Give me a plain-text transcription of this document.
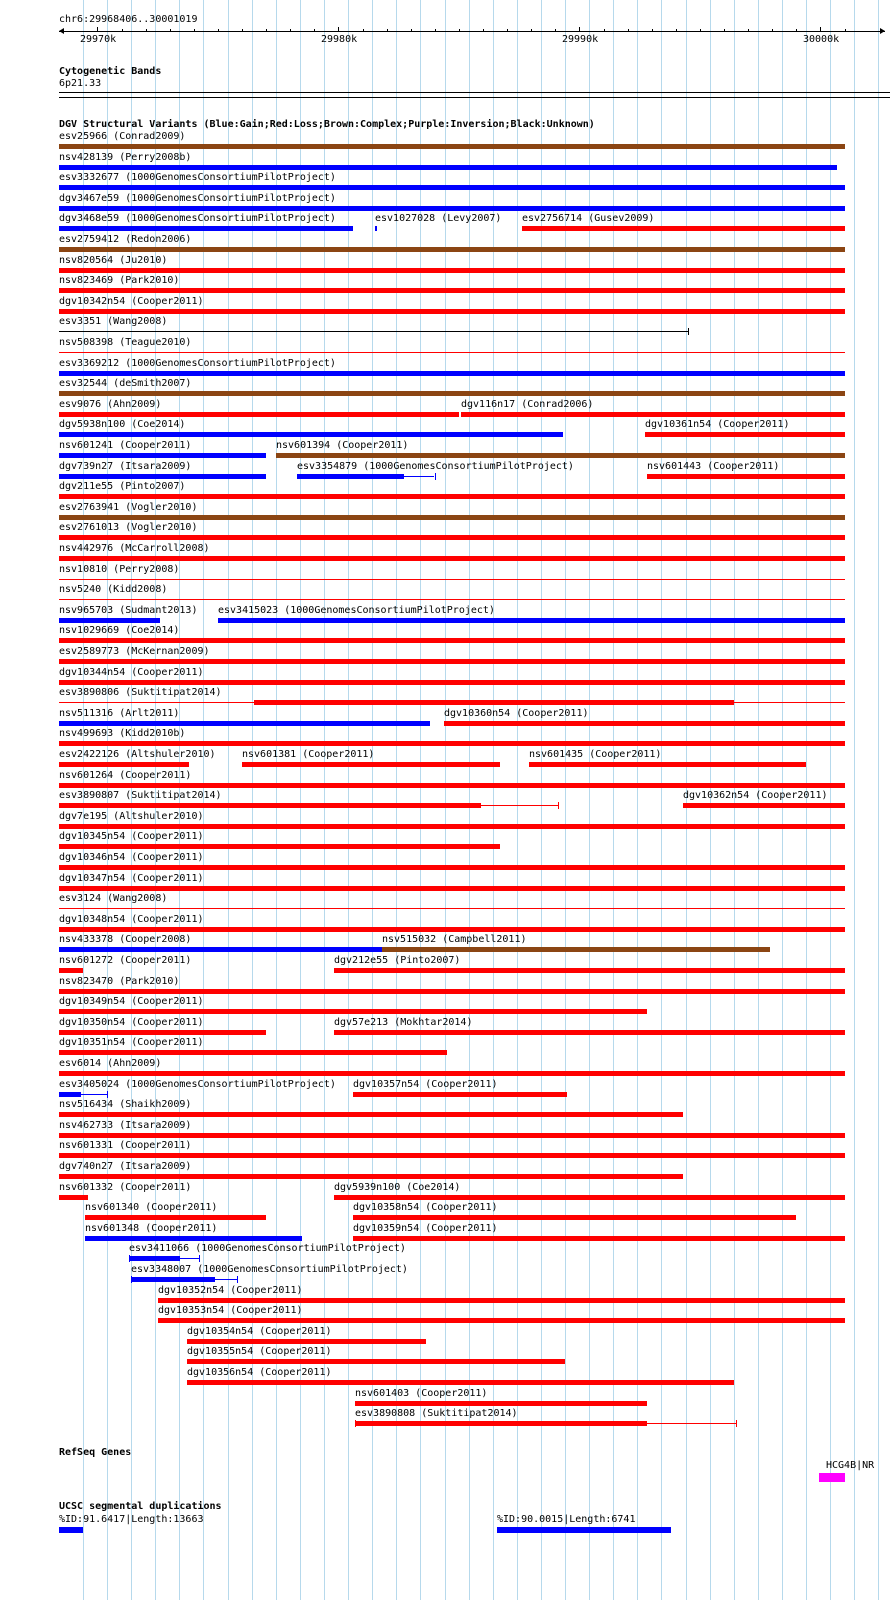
chr6:29968406..30001019
29970k	29980k	29990k	30000k
Cytogenetic Bands
6p21.33
DGV Structural Variants (Blue:Gain;Red:Loss;Brown:Complex;Purple:Inversion;Black:Unknown)
esv25966 (Conrad2009)
nsv428139 (Perry2008b)
esv3332677 (1000GenomesConsortiumPilotProject)
dgv3467e59 (1000GenomesConsortiumPilotProject)
dgv3468e59 (1000GenomesConsortiumPilotProject)	esv1027028 (Levy2007) esv2756714 (Gusev2009)
esv2759412 (Redon2006)
nsv820564 (Ju2010)
nsv823469 (Park2010)
dgv10342n54 (Cooper2011)
esv3351 (Wang2008)
nsv508398 (Teague2010)
esv3369212 (1000GenomesConsortiumPilotProject)
esv32544 (deSmith2007)
esv9076 (Ahn2009)	dgv116n17 (Conrad2006)
dgv5938n100 (Coe2014)	dgv10361n54 (Cooper2011)
nsv601241 (Cooper2011)	nsv601394 (Cooper2011)
dgv739n27 (Itsara2009)	esv3354879 (1000GenomesConsortiumPilotProject)	nsv601443 (Cooper2011)
dgv211e55 (Pinto2007)
esv2763941 (Vogler2010)
esv2761013 (Vogler2010)
nsv442976 (McCarroll2008)
nsv10810 (Perry2008)
nsv5240 (Kidd2008)
nsv965703 (Sudmant2013) esv3415023 (1000GenomesConsortiumPilotProject)
nsv1029669 (Coe2014)
esv2589773 (McKernan2009)
dgv10344n54 (Cooper2011)
esv3890806 (Suktitipat2014)
nsv511316 (Arlt2011)	dgv10360n54 (Cooper2011)
nsv499693 (Kidd2010b)
esv2422126 (Altshuler2010)	nsv601381 (Cooper2011)	nsv601435 (Cooper2011)
nsv601264 (Cooper2011)
esv3890807 (Suktitipat2014)	dgv10362n54 (Cooper2011)
dgv7e195 (Altshuler2010)
dgv10345n54 (Cooper2011)
dgv10346n54 (Cooper2011)
dgv10347n54 (Cooper2011)
esv3124 (Wang2008)
dgv10348n54 (Cooper2011)
nsv433378 (Cooper2008)	nsv515032 (Campbell2011)
nsv601272 (Cooper2011)	dgv212e55 (Pinto2007)
nsv823470 (Park2010)
dgv10349n54 (Cooper2011)
dgv10350n54 (Cooper2011)	dgv57e213 (Mokhtar2014)
dgv10351n54 (Cooper2011)
esv6014 (Ahn2009)
esv3405024 (1000GenomesConsortiumPilotProject) dgv10357n54 (Cooper2011)
nsv516434 (Shaikh2009)
nsv462733 (Itsara2009)
nsv601331 (Cooper2011)
dgv740n27 (Itsara2009)
nsv601332 (Cooper2011)	dgv5939n100 (Coe2014)
nsv601340 (Cooper2011)	dgv10358n54 (Cooper2011)
nsv601348 (Cooper2011)	dgv10359n54 (Cooper2011)
esv3411066 (1000GenomesConsortiumPilotProject)
esv3348007 (1000GenomesConsortiumPilotProject)
dgv10352n54 (Cooper2011)
dgv10353n54 (Cooper2011)
dgv10354n54 (Cooper2011)
dgv10355n54 (Cooper2011)
dgv10356n54 (Cooper2011)
nsv601403 (Cooper2011)
esv3890808 (Suktitipat2014)
RefSeq Genes
HCG4B|NR
UCSC segmental duplications
%ID:91.6417|Length:13663	%ID:90.0015|Length:6741
